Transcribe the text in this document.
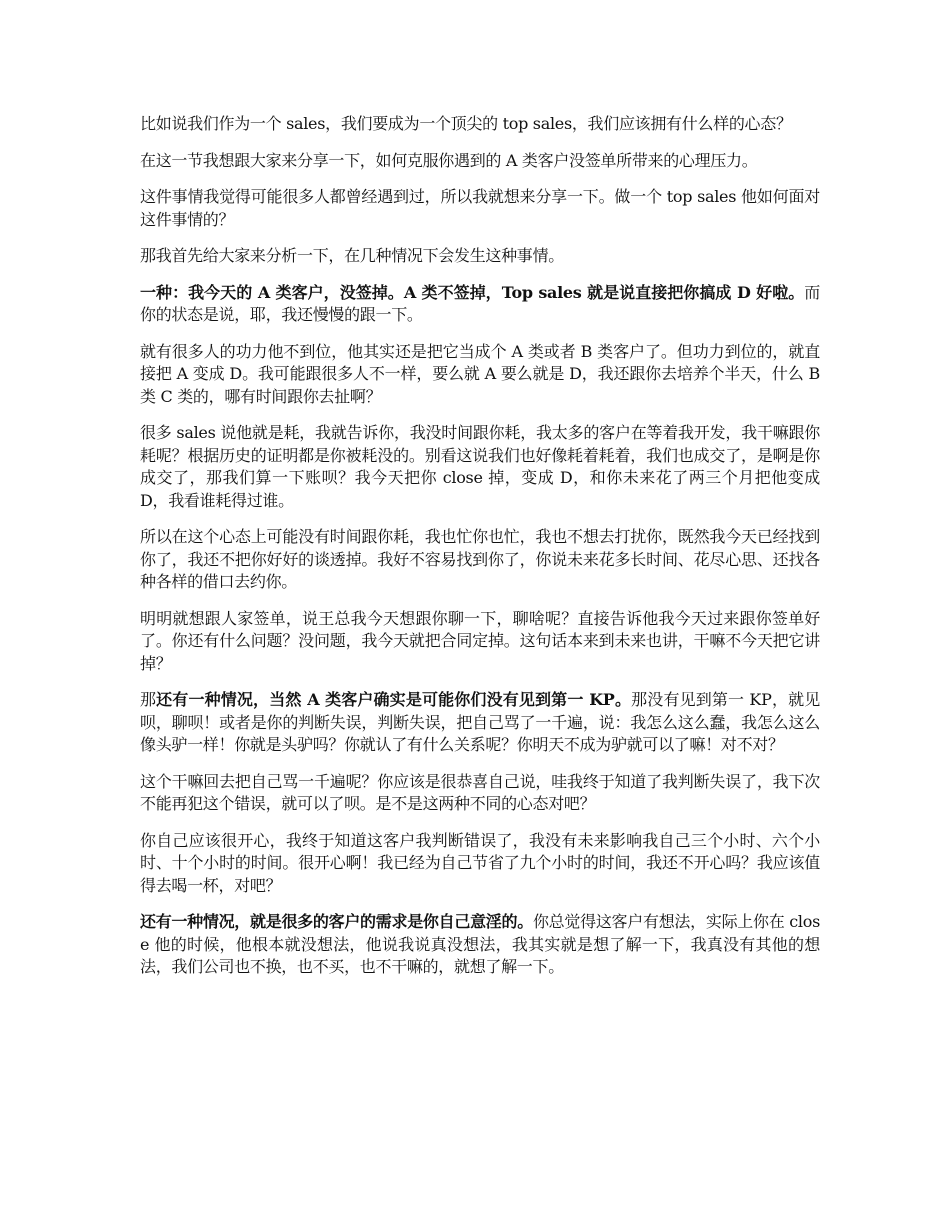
比如说我们作为一个 sales，我们要成为一个顶尖的 top sales，我们应该拥有什么样的心态？

在这一节我想跟大家来分享一下，如何克服你遇到的 A 类客户没签单所带来的心理压力。

这件事情我觉得可能很多人都曾经遇到过，所以我就想来分享一下。做一个 top sales 他如何面对这件事情的？

那我首先给大家来分析一下，在几种情况下会发生这种事情。

一种：我今天的 A 类客户，没签掉。A 类不签掉，Top sales 就是说直接把你搞成 D 好啦。而你的状态是说，耶，我还慢慢的跟一下。

就有很多人的功力他不到位，他其实还是把它当成个 A 类或者 B 类客户了。但功力到位的，就直接把 A 变成 D。我可能跟很多人不一样，要么就 A 要么就是 D，我还跟你去培养个半天，什么 B 类 C 类的，哪有时间跟你去扯啊？

很多 sales 说他就是耗，我就告诉你，我没时间跟你耗，我太多的客户在等着我开发，我干嘛跟你耗呢？根据历史的证明都是你被耗没的。别看这说我们也好像耗着耗着，我们也成交了，是啊是你成交了，那我们算一下账呗？我今天把你 close 掉，变成 D，和你未来花了两三个月把他变成 D，我看谁耗得过谁。

所以在这个心态上可能没有时间跟你耗，我也忙你也忙，我也不想去打扰你，既然我今天已经找到你了，我还不把你好好的谈透掉。我好不容易找到你了，你说未来花多长时间、花尽心思、还找各种各样的借口去约你。

明明就想跟人家签单，说王总我今天想跟你聊一下，聊啥呢？直接告诉他我今天过来跟你签单好了。你还有什么问题？没问题，我今天就把合同定掉。这句话本来到未来也讲，干嘛不今天把它讲掉？

那还有一种情况，当然 A 类客户确实是可能你们没有见到第一 KP。那没有见到第一 KP，就见呗，聊呗！或者是你的判断失误，判断失误，把自己骂了一千遍，说：我怎么这么蠢，我怎么这么像头驴一样！你就是头驴吗？你就认了有什么关系呢？你明天不成为驴就可以了嘛！对不对？

这个干嘛回去把自己骂一千遍呢？你应该是很恭喜自己说，哇我终于知道了我判断失误了，我下次不能再犯这个错误，就可以了呗。是不是这两种不同的心态对吧？

你自己应该很开心，我终于知道这客户我判断错误了，我没有未来影响我自己三个小时、六个小时、十个小时的时间。很开心啊！我已经为自己节省了九个小时的时间，我还不开心吗？我应该值得去喝一杯，对吧？

还有一种情况，就是很多的客户的需求是你自己意淫的。你总觉得这客户有想法，实际上你在 close 他的时候，他根本就没想法，他说我说真没想法，我其实就是想了解一下，我真没有其他的想法，我们公司也不换，也不买，也不干嘛的，就想了解一下。
